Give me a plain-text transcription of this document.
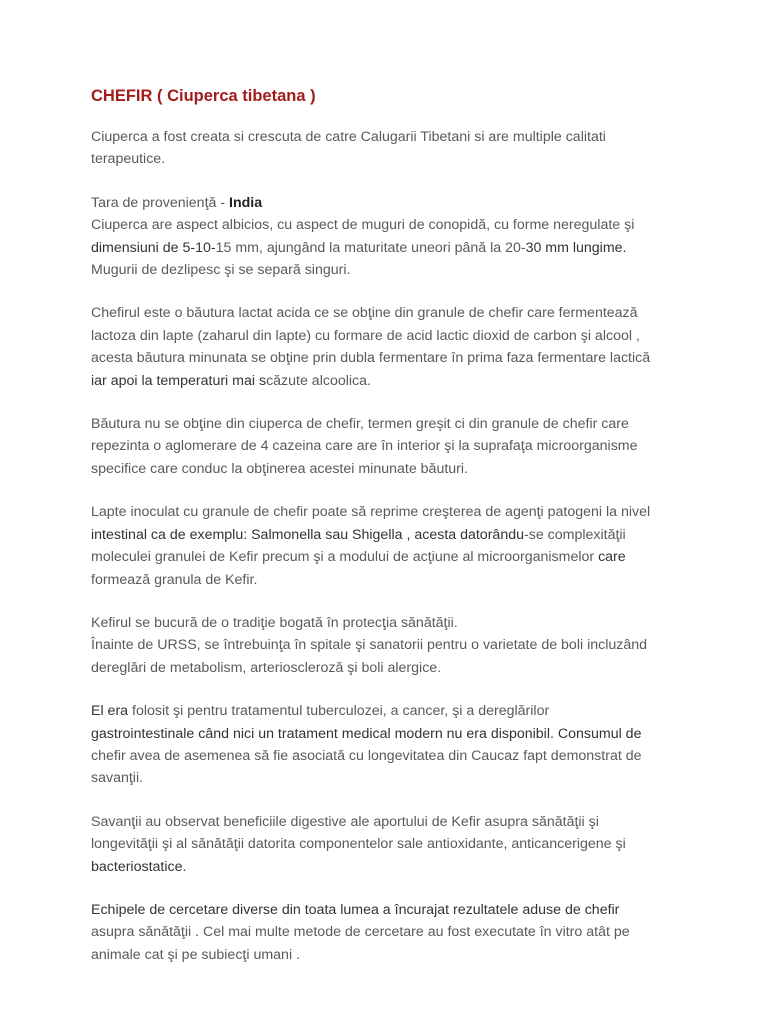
CHEFIR ( Ciuperca tibetana )

Ciuperca a fost creata si crescuta de catre Calugarii Tibetani si are multiple calitati
terapeutice.

Tara de provenienţă - India
Ciuperca are aspect albicios, cu aspect de muguri de conopidă, cu forme neregulate şi
dimensiuni de 5-10-15 mm, ajungând la maturitate uneori până la 20-30 mm lungime.
Mugurii de dezlipesc şi se separă singuri.

Chefirul este o băutura lactat acida ce se obţine din granule de chefir care fermentează
lactoza din lapte (zaharul din lapte) cu formare de acid lactic dioxid de carbon şi alcool ,
acesta băutura minunata se obţine prin dubla fermentare în prima faza fermentare lactică
iar apoi la temperaturi mai scăzute alcoolica.

Băutura nu se obţine din ciuperca de chefir, termen greşit ci din granule de chefir care
repezinta o aglomerare de 4 cazeina care are în interior şi la suprafaţa microorganisme
specifice care conduc la obţinerea acestei minunate băuturi.

Lapte inoculat cu granule de chefir poate să reprime creşterea de agenţi patogeni la nivel
intestinal ca de exemplu: Salmonella sau Shigella , acesta datorându-se complexităţii
moleculei granulei de Kefir precum şi a modului de acţiune al microorganismelor care
formează granula de Kefir.

Kefirul se bucură de o tradiţie bogată în protecţia sănătăţii.
Înainte de URSS, se întrebuinţa în spitale şi sanatorii pentru o varietate de boli incluzând
dereglări de metabolism, arterioscleroză şi boli alergice.

El era folosit şi pentru tratamentul tuberculozei, a cancer, şi a dereglărilor
gastrointestinale când nici un tratament medical modern nu era disponibil. Consumul de
chefir avea de asemenea să fie asociată cu longevitatea din Caucaz fapt demonstrat de
savanţii.

Savanţii au observat beneficiile digestive ale aportului de Kefir asupra sănătăţii şi
longevităţii şi al sănătăţii datorita componentelor sale antioxidante, anticancerigene şi
bacteriostatice.

Echipele de cercetare diverse din toata lumea a încurajat rezultatele aduse de chefir
asupra sănătăţii . Cel mai multe metode de cercetare au fost executate în vitro atât pe
animale cat şi pe subiecţi umani .
